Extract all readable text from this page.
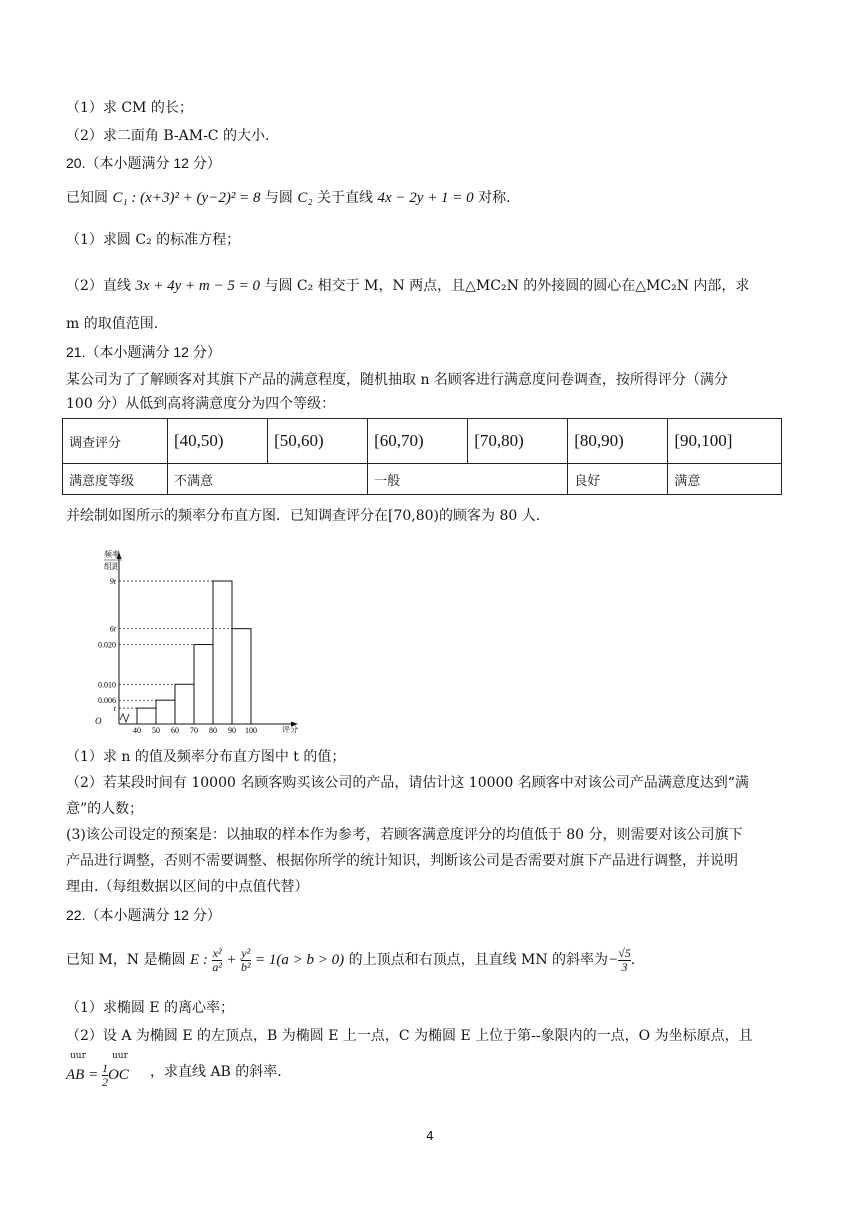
（1）求 CM 的长；
（2）求二面角 B-AM-C 的大小.
20.（本小题满分 12 分）
已知圆 C₁ : (x+3)² + (y−2)² = 8 与圆 C₂ 关于直线 4x − 2y + 1 = 0 对称.
（1）求圆 C₂ 的标准方程；
（2）直线 3x + 4y + m − 5 = 0 与圆 C₂ 相交于 M，N 两点，且△MC₂N 的外接圆的圆心在△MC₂N 内部，求
m 的取值范围.
21.（本小题满分 12 分）
某公司为了了解顾客对其旗下产品的满意程度，随机抽取 n 名顾客进行满意度问卷调查，按所得评分（满分
100 分）从低到高将满意度分为四个等级：
调查评分	[40,50)	[50,60)	[60,70)	[70,80)	[80,90)	[90,100]
满意度等级	不满意		一般		良好	满意
并绘制如图所示的频率分布直方图．已知调查评分在[70,80)的顾客为 80 人.
频率
组距
O
评分
t
0.006
0.010
0.020
9t
6t
40 50 60 70 80 90 100
（1）求 n 的值及频率分布直方图中 t 的值；
（2）若某段时间有 10000 名顾客购买该公司的产品，请估计这 10000 名顾客中对该公司产品满意度达到“满
意”的人数；
(3)该公司设定的预案是：以抽取的样本作为参考，若顾客满意度评分的均值低于 80 分，则需要对该公司旗下
产品进行调整，否则不需要调整、根据你所学的统计知识，判断该公司是否需要对旗下产品进行调整，并说明
理由.（每组数据以区间的中点值代替）
22.（本小题满分 12 分）
已知 M，N 是椭圆 E : $\frac{\text{x²}}{\text{a²}} + \frac{\text{y²}}{\text{b²}} = 1(a > b > 0)$ 的上顶点和右顶点，且直线 MN 的斜率为$-\frac{√5}{3}$ .
（1）求椭圆 E 的离心率；
（2）设 A 为椭圆 E 的左顶点，B 为椭圆 E 上一点，C 为椭圆 E 上位于第--象限内的一点，O 为坐标原点，且
uur	uur
AB = $\frac{1}{2}$ OC ，求直线 AB 的斜率.
4
